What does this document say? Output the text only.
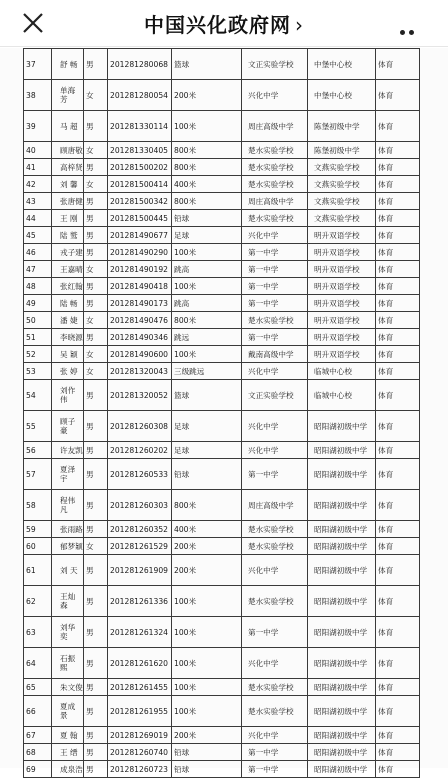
中国兴化政府网 ›
37	舒 畅	男	201281280068	篮球	文正实验学校	中堡中心校	体育
38	单海 芳	女	201281280054	200米	兴化中学	中堡中心校	体育
39	马 超	男	201281330114	100米	周庄高级中学	陈堡初级中学	体育
40	顾唐敬	女	201281330405	800米	楚水实验学校	陈堡初级中学	体育
41	高梓贤	男	201281500202	800米	楚水实验学校	文燕实验学校	体育
42	刘 馨	女	201281500414	400米	楚水实验学校	文燕实验学校	体育
43	张唐健	男	201281500342	800米	周庄高级中学	文燕实验学校	体育
44	王 刚	男	201281500445	铅球	楚水实验学校	文燕实验学校	体育
45	陆 鹫	男	201281490677	足球	兴化中学	明升双语学校	体育
46	戎子建	男	201281490290	100米	第一中学	明升双语学校	体育
47	王嘉晴	女	201281490192	跳高	第一中学	明升双语学校	体育
48	张红翰	男	201281490418	100米	第一中学	明升双语学校	体育
49	陆 畅	男	201281490173	跳高	第一中学	明升双语学校	体育
50	潘 婕	女	201281490476	800米	楚水实验学校	明升双语学校	体育
51	李晓源	男	201281490346	跳远	第一中学	明升双语学校	体育
52	吴 颖	女	201281490600	100米	戴南高级中学	明升双语学校	体育
53	张 婷	女	201281320043	三级跳远	兴化中学	临城中心校	体育
54	刘作 伟	男	201281320052	篮球	文正实验学校	临城中心校	体育
55	顾子 豪	男	201281260308	足球	兴化中学	昭阳湖初级中学	体育
56	许友凯	男	201281260202	足球	兴化中学	昭阳湖初级中学	体育
57	夏泽 宇	男	201281260533	铅球	第一中学	昭阳湖初级中学	体育
58	程伟 凡	男	201281260303	800米	周庄高级中学	昭阳湖初级中学	体育
59	张雨路	男	201281260352	400米	楚水实验学校	昭阳湖初级中学	体育
60	郁梦颖	女	201281261529	200米	楚水实验学校	昭阳湖初级中学	体育
61	刘 天	男	201281261909	200米	兴化中学	昭阳湖初级中学	体育
62	王灿 森	男	201281261336	100米	楚水实验学校	昭阳湖初级中学	体育
63	刘华 奕	男	201281261324	100米	第一中学	昭阳湖初级中学	体育
64	石振 熙	男	201281261620	100米	兴化中学	昭阳湖初级中学	体育
65	朱文俊	男	201281261455	100米	楚水实验学校	昭阳湖初级中学	体育
66	夏成 景	男	201281261955	100米	楚水实验学校	昭阳湖初级中学	体育
67	夏 翰	男	201281269019	200米	兴化中学	昭阳湖初级中学	体育
68	王 缙	男	201281260740	铅球	第一中学	昭阳湖初级中学	体育
69	成泉浩	男	201281260723	铅球	第一中学	昭阳湖初级中学	体育
